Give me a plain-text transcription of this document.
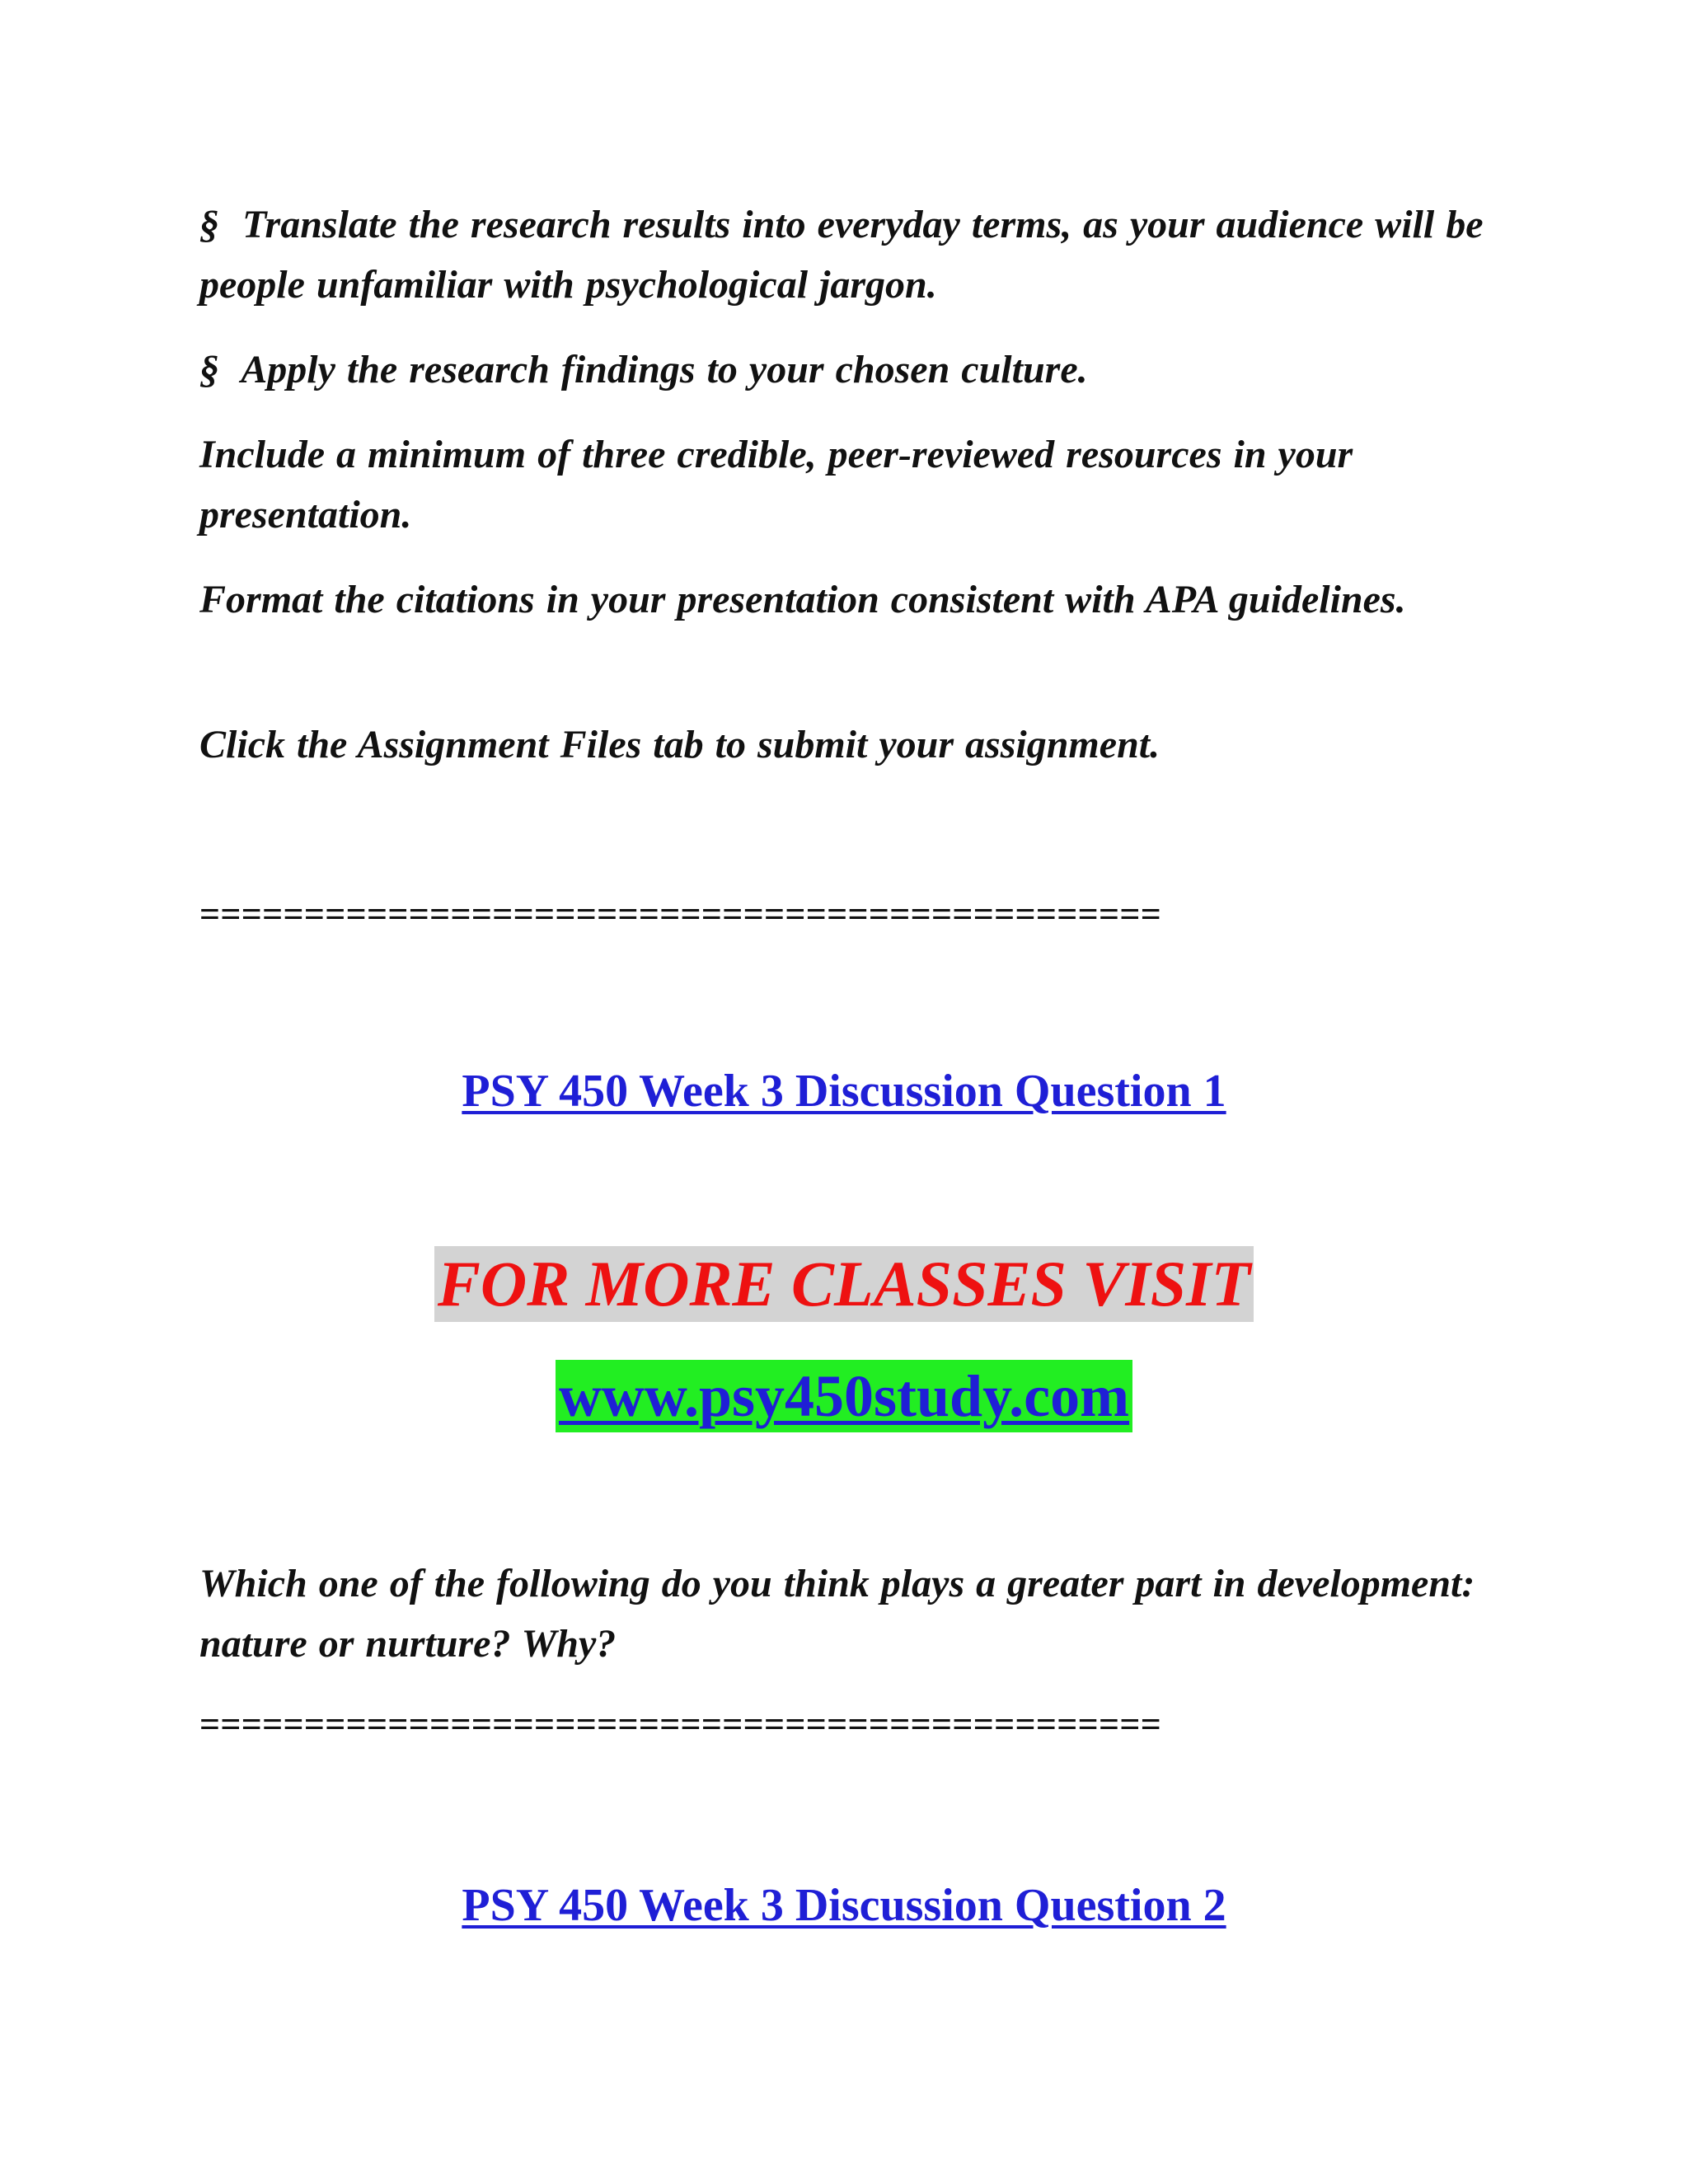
§ Translate the research results into everyday terms, as your audience will be people unfamiliar with psychological jargon.

§ Apply the research findings to your chosen culture.

Include a minimum of three credible, peer-reviewed resources in your presentation.

Format the citations in your presentation consistent with APA guidelines.

Click the Assignment Files tab to submit your assignment.

==============================================

PSY 450 Week 3 Discussion Question 1

FOR MORE CLASSES VISIT

www.psy450study.com

Which one of the following do you think plays a greater part in development: nature or nurture? Why?

==============================================

PSY 450 Week 3 Discussion Question 2
